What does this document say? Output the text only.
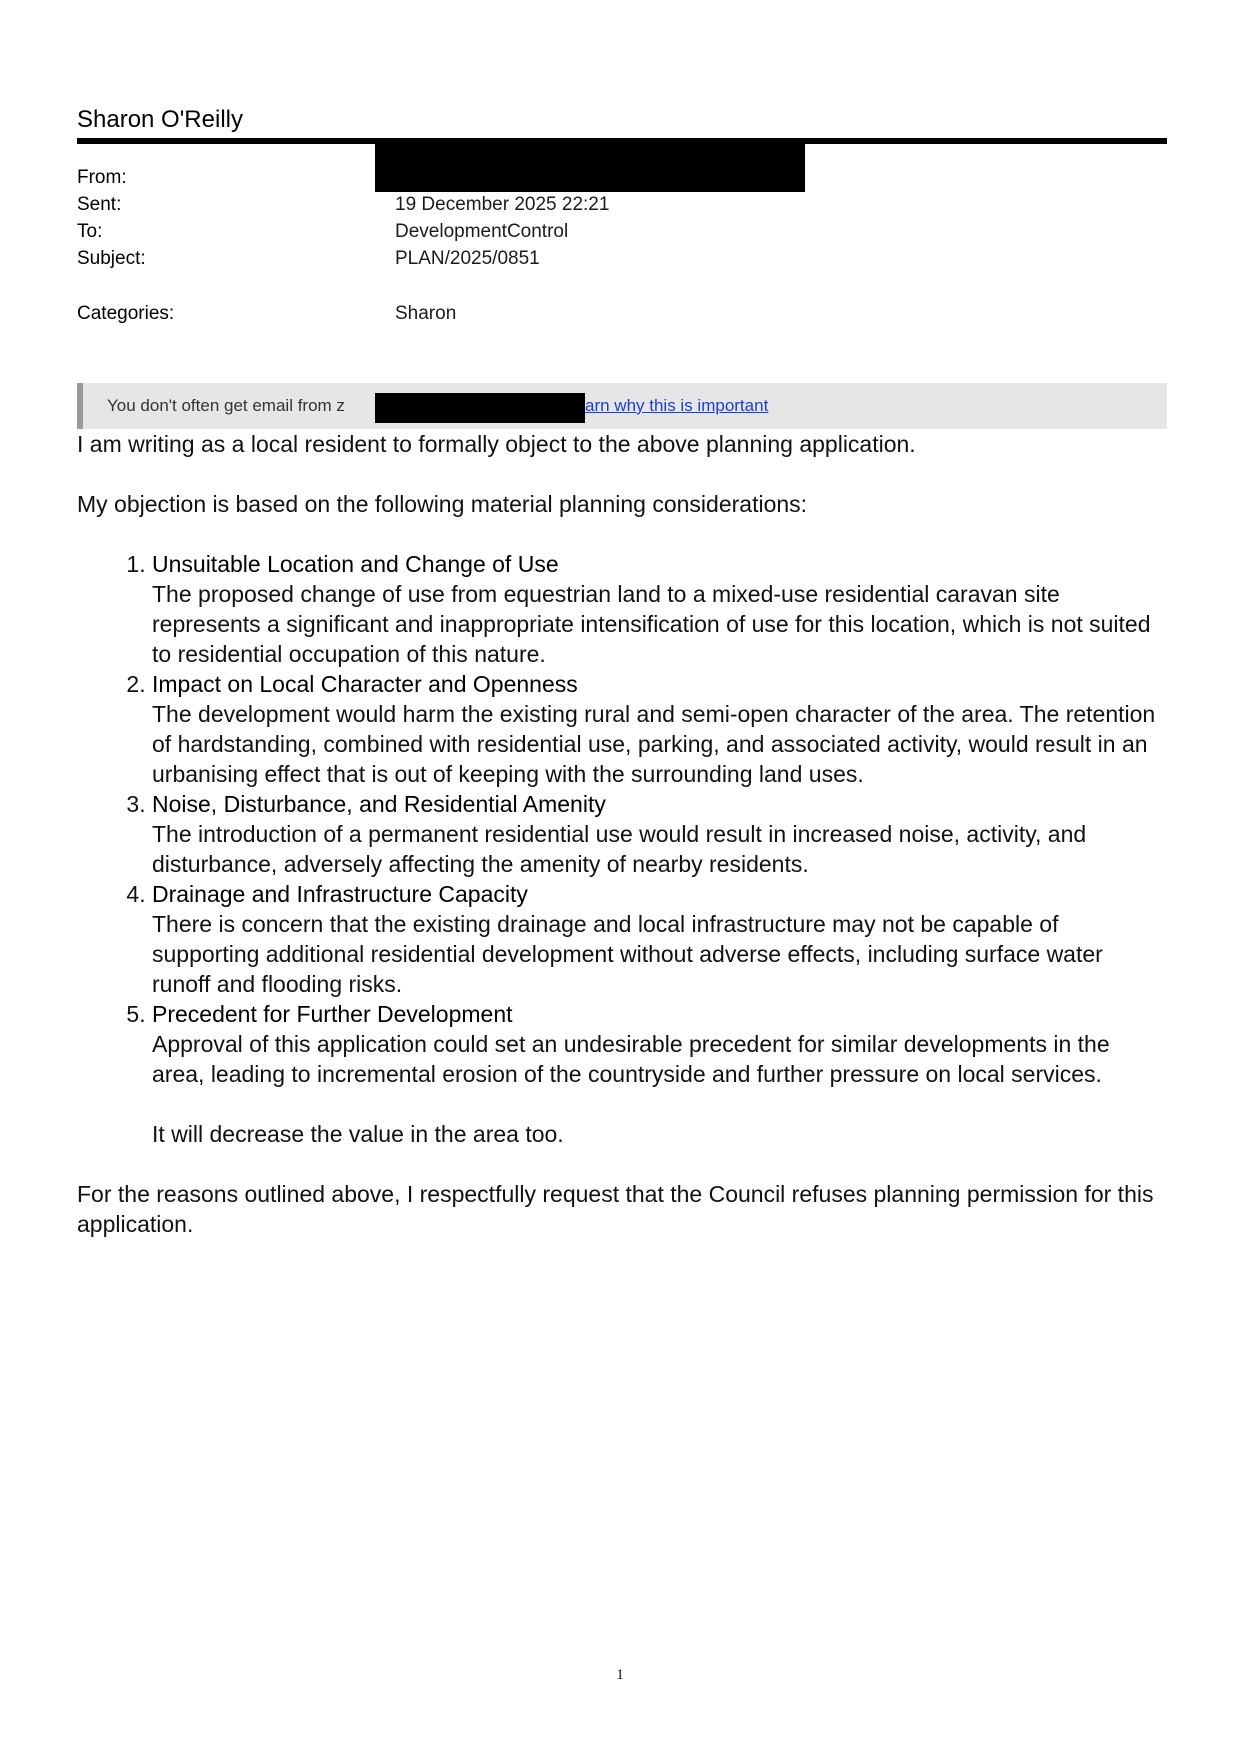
Sharon O'Reilly
From:
Sent:	19 December 2025 22:21
To:	DevelopmentControl
Subject:	PLAN/2025/0851
Categories:	Sharon
You don't often get email from z	arn why this is important
I am writing as a local resident to formally object to the above planning application.
My objection is based on the following material planning considerations:
1. Unsuitable Location and Change of Use
The proposed change of use from equestrian land to a mixed-use residential caravan site represents a significant and inappropriate intensification of use for this location, which is not suited to residential occupation of this nature.
2. Impact on Local Character and Openness
The development would harm the existing rural and semi-open character of the area. The retention of hardstanding, combined with residential use, parking, and associated activity, would result in an urbanising effect that is out of keeping with the surrounding land uses.
3. Noise, Disturbance, and Residential Amenity
The introduction of a permanent residential use would result in increased noise, activity, and disturbance, adversely affecting the amenity of nearby residents.
4. Drainage and Infrastructure Capacity
There is concern that the existing drainage and local infrastructure may not be capable of supporting additional residential development without adverse effects, including surface water runoff and flooding risks.
5. Precedent for Further Development
Approval of this application could set an undesirable precedent for similar developments in the area, leading to incremental erosion of the countryside and further pressure on local services.
It will decrease the value in the area too.
For the reasons outlined above, I respectfully request that the Council refuses planning permission for this application.
1
